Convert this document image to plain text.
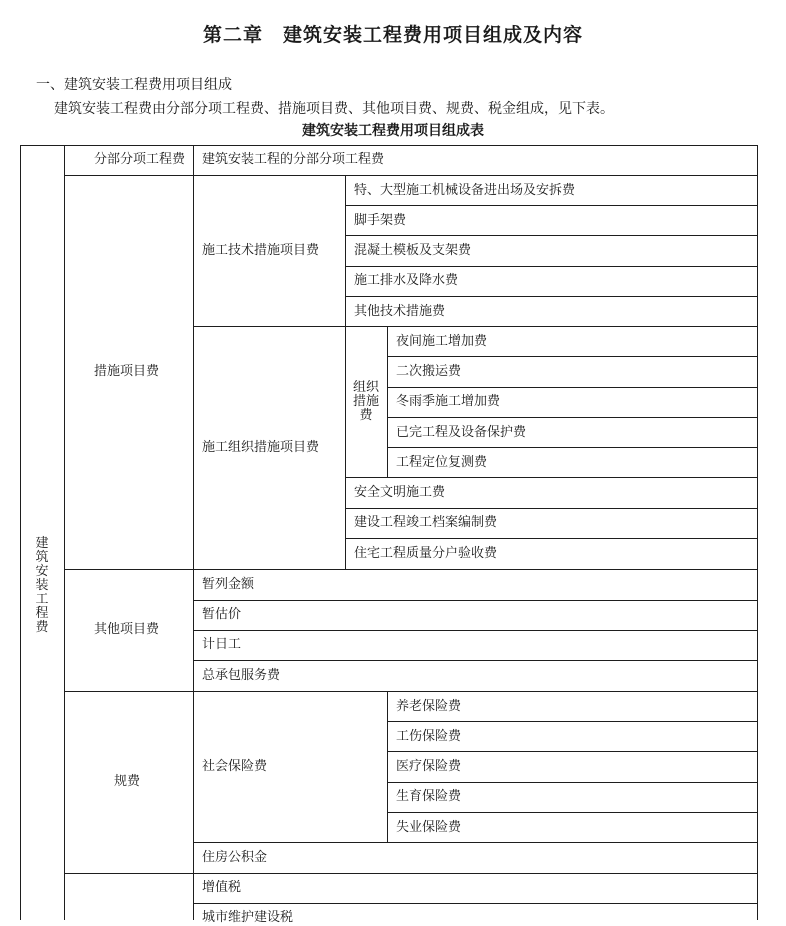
第二章　建筑安装工程费用项目组成及内容
一、建筑安装工程费用项目组成
建筑安装工程费由分部分项工程费、措施项目费、其他项目费、规费、税金组成，见下表。
建筑安装工程费用项目组成表
建筑安装工程费
分部分项工程费
措施项目费
其他项目费
规费
建筑安装工程的分部分项工程费
施工技术措施项目费
施工组织措施项目费
暂列金额
暂估价
计日工
总承包服务费
社会保险费
住房公积金
增值税
城市维护建设税
特、大型施工机械设备进出场及安拆费
脚手架费
混凝土模板及支架费
施工排水及降水费
其他技术措施费
组织措施费
夜间施工增加费
二次搬运费
冬雨季施工增加费
已完工程及设备保护费
工程定位复测费
安全文明施工费
建设工程竣工档案编制费
住宅工程质量分户验收费
养老保险费
工伤保险费
医疗保险费
生育保险费
失业保险费
